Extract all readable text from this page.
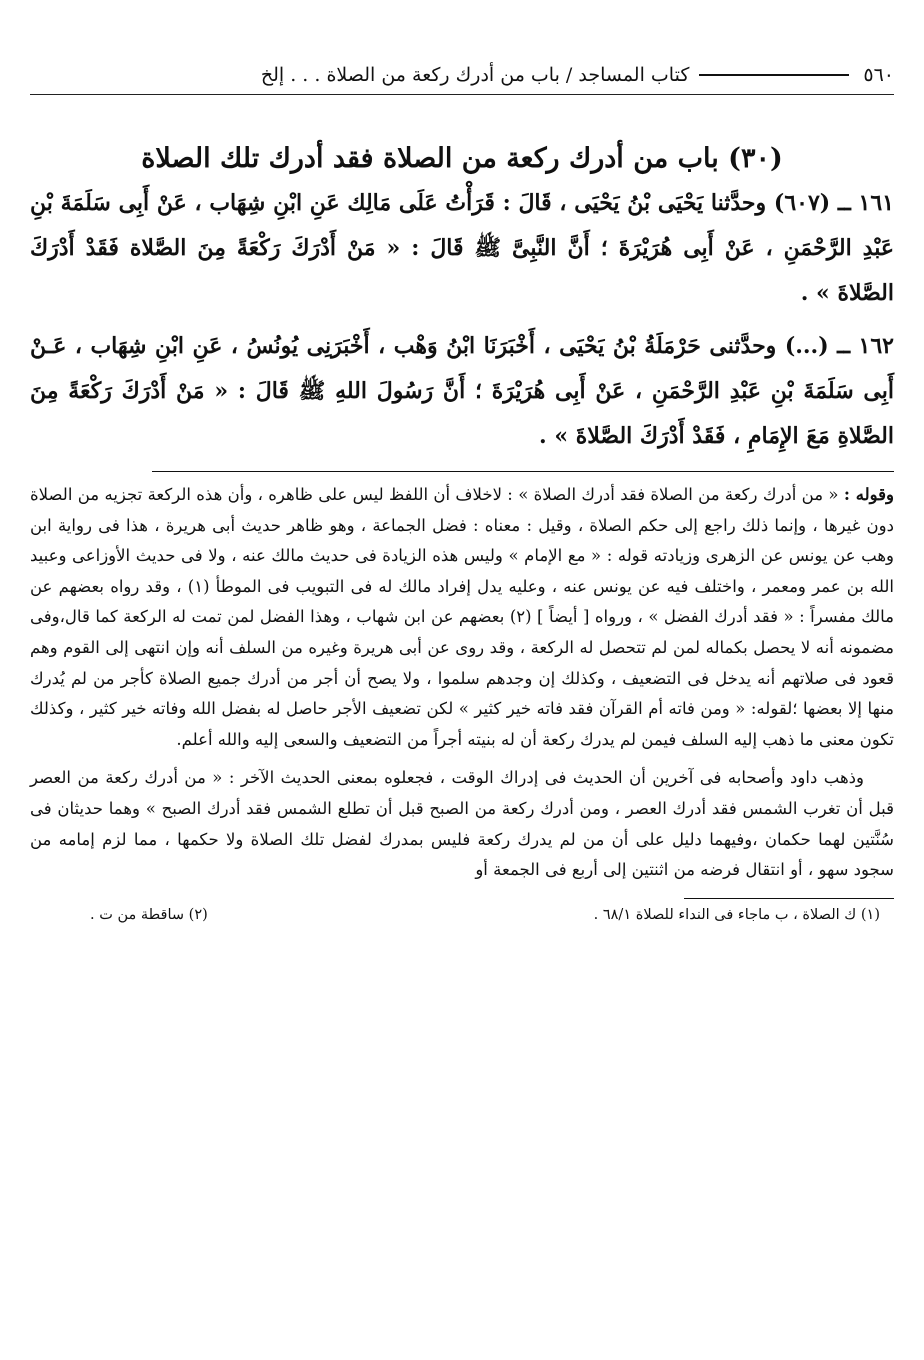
٥٦٠
كتاب المساجد / باب من أدرك ركعة من الصلاة . . . إلخ
(٣٠) باب من أدرك ركعة من الصلاة فقد أدرك تلك الصلاة

١٦١ ــ (٦٠٧) وحدَّثنا يَحْيَى بْنُ يَحْيَى ، قَالَ : قَرَأْتُ عَلَى مَالِك عَنِ ابْنِ شِهَاب ، عَنْ أَبِى سَلَمَةَ بْنِ عَبْدِ الرَّحْمَنِ ، عَنْ أَبِى هُرَيْرَةَ ؛ أَنَّ النَّبِىَّ ﷺ قَالَ : « مَنْ أَدْرَكَ رَكْعَةً مِنَ الصَّلاة فَقَدْ أَدْرَكَ الصَّلاةَ » .

١٦٢ ــ (...) وحدَّثنى حَرْمَلَةُ بْنُ يَحْيَى ، أَخْبَرَنَا ابْنُ وَهْب ، أَخْبَرَنِى يُونُسُ ، عَنِ ابْنِ شِهَاب ، عَـنْ أَبِى سَلَمَةَ بْنِ عَبْدِ الرَّحْمَنِ ، عَنْ أَبِى هُرَيْرَةَ ؛ أَنَّ رَسُولَ اللهِ ﷺ قَالَ : « مَنْ أَدْرَكَ رَكْعَةً مِنَ الصَّلاةِ مَعَ الإِمَامِ ، فَقَدْ أَدْرَكَ الصَّلاةَ » .

وقوله : « من أدرك ركعة من الصلاة فقد أدرك الصلاة » : لاخلاف أن اللفظ ليس على ظاهره ، وأن هذه الركعة تجزيه من الصلاة دون غيرها ، وإنما ذلك راجع إلى حكم الصلاة ، وقيل : معناه : فضل الجماعة ، وهو ظاهر حديث أبى هريرة ، هذا فى رواية ابن وهب عن يونس عن الزهرى وزيادته قوله : « مع الإمام » وليس هذه الزيادة فى حديث مالك عنه ، ولا فى حديث الأوزاعى وعبيد الله بن عمر ومعمر ، واختلف فيه عن يونس عنه ، وعليه يدل إفراد مالك له فى التبويب فى الموطأ (١) ، وقد رواه بعضهم عن مالك مفسراً : « فقد أدرك الفضل » ، ورواه [ أيضاً ] (٢) بعضهم عن ابن شهاب ، وهذا الفضل لمن تمت له الركعة كما قال،وفى مضمونه أنه لا يحصل بكماله لمن لم تتحصل له الركعة ، وقد روى عن أبى هريرة وغيره من السلف أنه وإن انتهى إلى القوم وهم قعود فى صلاتهم أنه يدخل فى التضعيف ، وكذلك إن وجدهم سلموا ، ولا يصح أن أجر من أدرك جميع الصلاة كأجر من لم يُدرك منها إلا بعضها ؛لقوله: « ومن فاته أم القرآن فقد فاته خير كثير » لكن تضعيف الأجر حاصل له بفضل الله وفاته خير كثير ، وكذلك تكون معنى ما ذهب إليه السلف فيمن لم يدرك ركعة أن له بنيته أجراً من التضعيف والسعى إليه والله أعلم.

وذهب داود وأصحابه فى آخرين أن الحديث فى إدراك الوقت ، فجعلوه بمعنى الحديث الآخر : « من أدرك ركعة من العصر قبل أن تغرب الشمس فقد أدرك العصر ، ومن أدرك ركعة من الصبح قبل أن تطلع الشمس فقد أدرك الصبح » وهما حديثان فى سُنَّتين لهما حكمان ،وفيهما دليل على أن من لم يدرك ركعة فليس بمدرك لفضل تلك الصلاة ولا حكمها ، مما لزم إمامه من سجود سهو ، أو انتقال فرضه من اثنتين إلى أربع فى الجمعة أو

(١) ك الصلاة ، ب ماجاء فى النداء للصلاة ٦٨/١ .
(٢) ساقطة من ت .
